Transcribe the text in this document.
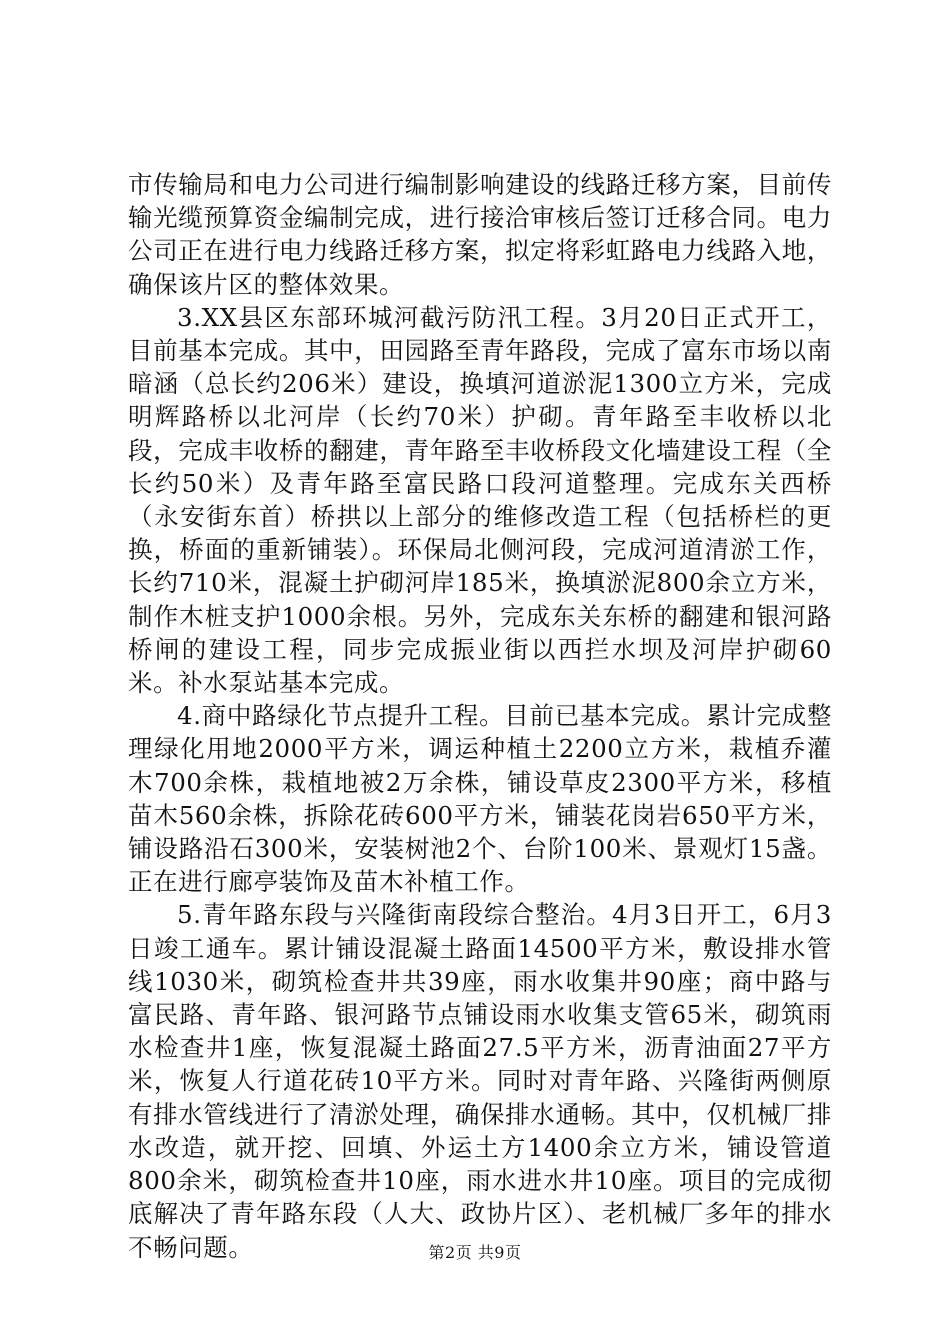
市传输局和电力公司进行编制影响建设的线路迁移方案，目前传输光缆预算资金编制完成，进行接洽审核后签订迁移合同。电力公司正在进行电力线路迁移方案，拟定将彩虹路电力线路入地，确保该片区的整体效果。

3.XX县区东部环城河截污防汛工程。3月20日正式开工，目前基本完成。其中，田园路至青年路段，完成了富东市场以南暗涵（总长约206米）建设，换填河道淤泥1300立方米，完成明辉路桥以北河岸（长约70米）护砌。青年路至丰收桥以北段，完成丰收桥的翻建，青年路至丰收桥段文化墙建设工程（全长约50米）及青年路至富民路口段河道整理。完成东关西桥（永安街东首）桥拱以上部分的维修改造工程（包括桥栏的更换，桥面的重新铺装）。环保局北侧河段，完成河道清淤工作，长约710米，混凝土护砌河岸185米，换填淤泥800余立方米，制作木桩支护1000余根。另外，完成东关东桥的翻建和银河路桥闸的建设工程，同步完成振业街以西拦水坝及河岸护砌60米。补水泵站基本完成。

4.商中路绿化节点提升工程。目前已基本完成。累计完成整理绿化用地2000平方米，调运种植土2200立方米，栽植乔灌木700余株，栽植地被2万余株，铺设草皮2300平方米，移植苗木560余株，拆除花砖600平方米，铺装花岗岩650平方米，铺设路沿石300米，安装树池2个、台阶100米、景观灯15盏。正在进行廊亭装饰及苗木补植工作。

5.青年路东段与兴隆街南段综合整治。4月3日开工，6月3日竣工通车。累计铺设混凝土路面14500平方米，敷设排水管线1030米，砌筑检查井共39座，雨水收集井90座；商中路与富民路、青年路、银河路节点铺设雨水收集支管65米，砌筑雨水检查井1座，恢复混凝土路面27.5平方米，沥青油面27平方米，恢复人行道花砖10平方米。同时对青年路、兴隆街两侧原有排水管线进行了清淤处理，确保排水通畅。其中，仅机械厂排水改造，就开挖、回填、外运土方1400余立方米，铺设管道800余米，砌筑检查井10座，雨水进水井10座。项目的完成彻底解决了青年路东段（人大、政协片区）、老机械厂多年的排水不畅问题。	第2页 共9页
